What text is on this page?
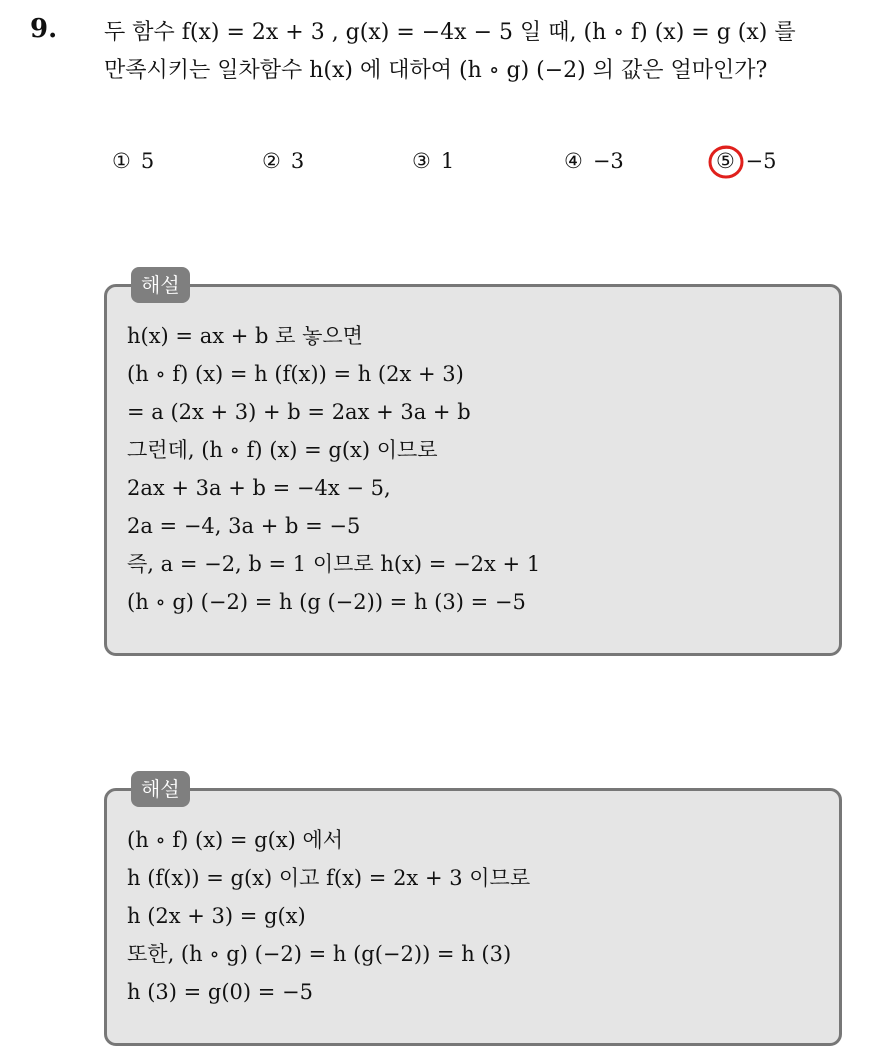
9. 두 함수 f(x) = 2x + 3 , g(x) = −4x − 5 일 때, (h ∘ f) (x) = g (x) 를
만족시키는 일차함수 h(x) 에 대하여 (h ∘ g) (−2) 의 값은 얼마인가?
① 5	② 3	③ 1	④ −3	⑤ −5
해설
h(x) = ax + b 로 놓으면
(h ∘ f) (x) = h (f(x)) = h (2x + 3)
= a (2x + 3) + b = 2ax + 3a + b
그런데, (h ∘ f) (x) = g(x) 이므로
2ax + 3a + b = −4x − 5,
2a = −4, 3a + b = −5
즉, a = −2, b = 1 이므로 h(x) = −2x + 1
(h ∘ g) (−2) = h (g (−2)) = h (3) = −5
해설
(h ∘ f) (x) = g(x) 에서
h (f(x)) = g(x) 이고 f(x) = 2x + 3 이므로
h (2x + 3) = g(x)
또한, (h ∘ g) (−2) = h (g(−2)) = h (3)
h (3) = g(0) = −5
